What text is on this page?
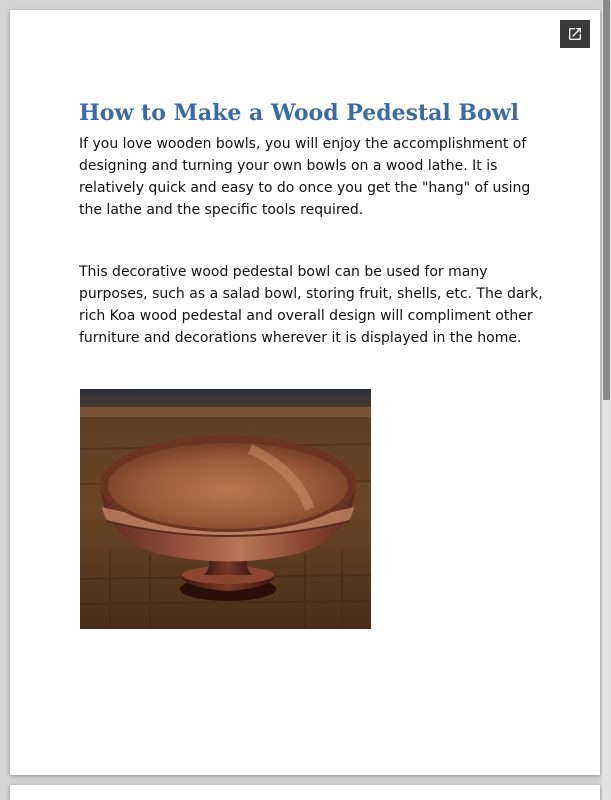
How to Make a Wood Pedestal Bowl

If you love wooden bowls, you will enjoy the accomplishment of designing and turning your own bowls on a wood lathe. It is relatively quick and easy to do once you get the "hang" of using the lathe and the specific tools required.

This decorative wood pedestal bowl can be used for many purposes, such as a salad bowl, storing fruit, shells, etc. The dark, rich Koa wood pedestal and overall design will compliment other furniture and decorations wherever it is displayed in the home.
